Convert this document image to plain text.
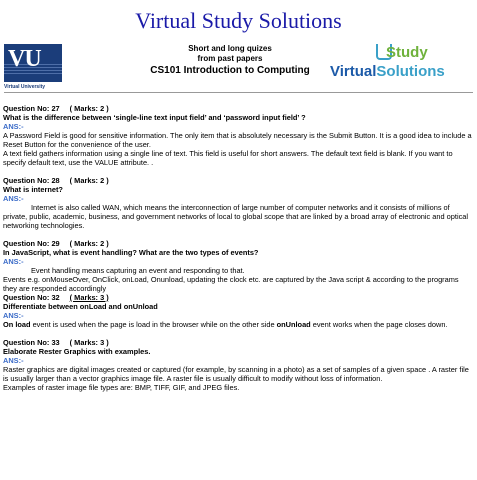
Virtual Study Solutions
VU
Virtual University
Short and long quizes
from past papers
CS101 Introduction to Computing
Study
VirtualSolutions
Question No: 27 ( Marks: 2 )
What is the difference between ‘single-line text input field’ and ‘password input field’ ?
ANS:-

A Password Field is good for sensitive information. The only item that is absolutely necessary is the Submit Button. It is a good idea to include a Reset Button for the convenience of the user.

A text field gathers information using a single line of text. This field is useful for short answers. The default text field is blank. If you want to specify default text, use the VALUE attribute. .

Question No: 28 ( Marks: 2 )
What is internet?
ANS:-

Internet is also called WAN, which means the interconnection of large number of computer networks and it consists of millions of private, public, academic, business, and government networks of local to global scope that are linked by a broad array of electronic and optical networking technologies.

Question No: 29 ( Marks: 2 )
In JavaScript, what is event handling? What are the two types of events?
ANS:-

Event handling means capturing an event and responding to that.

Events e.g. onMouseOver, OnClick, onLoad, Onunload, updating the clock etc. are captured by the Java script & according to the programs they are responded accordingly

Question No: 32 ( Marks: 3 )
Differentiate between onLoad and onUnload
ANS:-

On load event is used when the page is load in the browser while on the other side onUnload event works when the page closes down.

Question No: 33 ( Marks: 3 )
Elaborate Rester Graphics with examples.
ANS:-

Raster graphics are digital images created or captured (for example, by scanning in a photo) as a set of samples of a given space . A raster file is usually larger than a vector graphics image file. A raster file is usually difficult to modify without loss of information.

Examples of raster image file types are: BMP, TIFF, GIF, and JPEG files.
